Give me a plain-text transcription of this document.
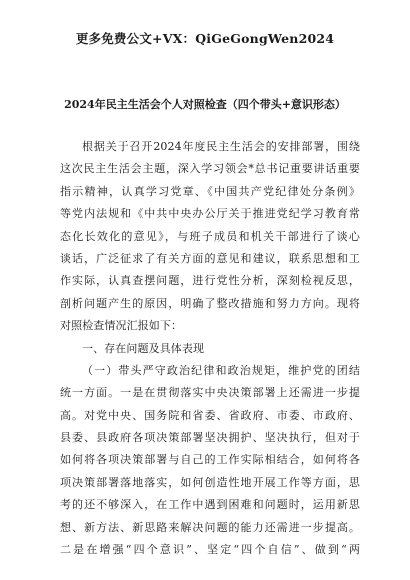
更多免费公文+VX：QiGeGongWen2024
2024年民主生活会个人对照检查（四个带头+意识形态）
根据关于召开2024年度民主生活会的安排部署，围绕
这次民主生活会主题，深入学习领会*总书记重要讲话重要
指示精神，认真学习党章、《中国共产党纪律处分条例》
等党内法规和《中共中央办公厅关于推进党纪学习教育常
态化长效化的意见》，与班子成员和机关干部进行了谈心
谈话，广泛征求了有关方面的意见和建议，联系思想和工
作实际，认真查摆问题，进行党性分析，深刻检视反思，
剖析问题产生的原因，明确了整改措施和努力方向。现将
对照检查情况汇报如下：
一、存在问题及具体表现
（一）带头严守政治纪律和政治规矩，维护党的团结
统一方面。一是在贯彻落实中央决策部署上还需进一步提
高。对党中央、国务院和省委、省政府、市委、市政府、
县委、县政府各项决策部署坚决拥护、坚决执行，但对于
如何将各项决策部署与自己的工作实际相结合，如何将各
项决策部署落地落实，如何创造性地开展工作等方面，思
考的还不够深入，在工作中遇到困难和问题时，运用新思
想、新方法、新思路来解决问题的能力还需进一步提高。
二是在增强“四个意识”、坚定“四个自信”、做到“两
